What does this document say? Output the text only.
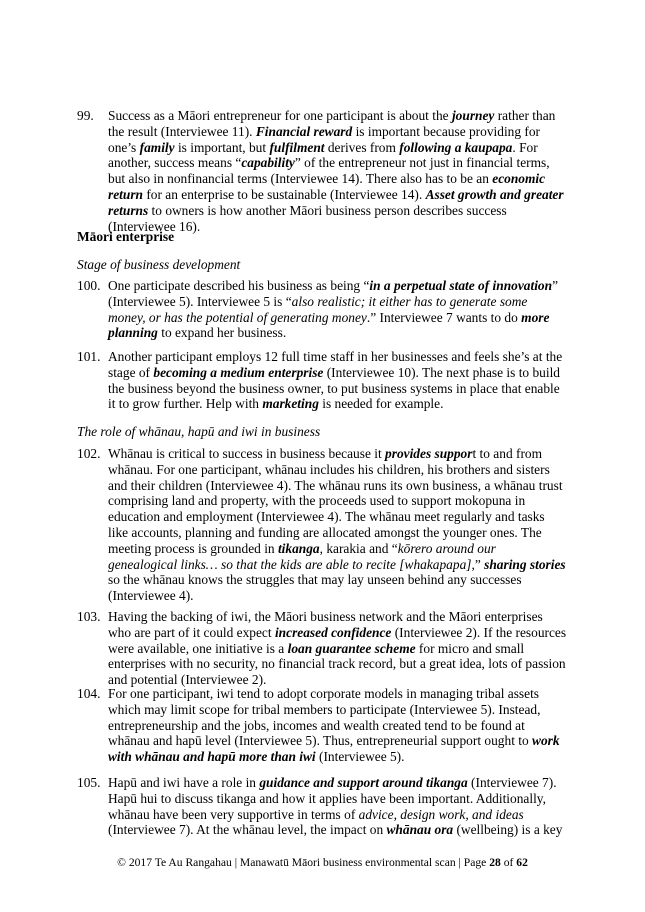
99. Success as a Māori entrepreneur for one participant is about the journey rather than the result (Interviewee 11). Financial reward is important because providing for one’s family is important, but fulfilment derives from following a kaupapa. For another, success means “capability” of the entrepreneur not just in financial terms, but also in nonfinancial terms (Interviewee 14). There also has to be an economic return for an enterprise to be sustainable (Interviewee 14). Asset growth and greater returns to owners is how another Māori business person describes success (Interviewee 16).
Māori enterprise
Stage of business development
100. One participate described his business as being “in a perpetual state of innovation” (Interviewee 5). Interviewee 5 is “also realistic; it either has to generate some money, or has the potential of generating money.” Interviewee 7 wants to do more planning to expand her business.
101. Another participant employs 12 full time staff in her businesses and feels she’s at the stage of becoming a medium enterprise (Interviewee 10). The next phase is to build the business beyond the business owner, to put business systems in place that enable it to grow further. Help with marketing is needed for example.
The role of whānau, hapū and iwi in business
102. Whānau is critical to success in business because it provides support to and from whānau. For one participant, whānau includes his children, his brothers and sisters and their children (Interviewee 4). The whānau runs its own business, a whānau trust comprising land and property, with the proceeds used to support mokopuna in education and employment (Interviewee 4). The whānau meet regularly and tasks like accounts, planning and funding are allocated amongst the younger ones. The meeting process is grounded in tikanga, karakia and “kōrero around our genealogical links… so that the kids are able to recite [whakapapa],” sharing stories so the whānau knows the struggles that may lay unseen behind any successes (Interviewee 4).
103. Having the backing of iwi, the Māori business network and the Māori enterprises who are part of it could expect increased confidence (Interviewee 2). If the resources were available, one initiative is a loan guarantee scheme for micro and small enterprises with no security, no financial track record, but a great idea, lots of passion and potential (Interviewee 2).
104. For one participant, iwi tend to adopt corporate models in managing tribal assets which may limit scope for tribal members to participate (Interviewee 5). Instead, entrepreneurship and the jobs, incomes and wealth created tend to be found at whānau and hapū level (Interviewee 5). Thus, entrepreneurial support ought to work with whānau and hapū more than iwi (Interviewee 5).
105. Hapū and iwi have a role in guidance and support around tikanga (Interviewee 7). Hapū hui to discuss tikanga and how it applies have been important. Additionally, whānau have been very supportive in terms of advice, design work, and ideas (Interviewee 7). At the whānau level, the impact on whānau ora (wellbeing) is a key
© 2017 Te Au Rangahau | Manawatū Māori business environmental scan | Page 28 of 62
